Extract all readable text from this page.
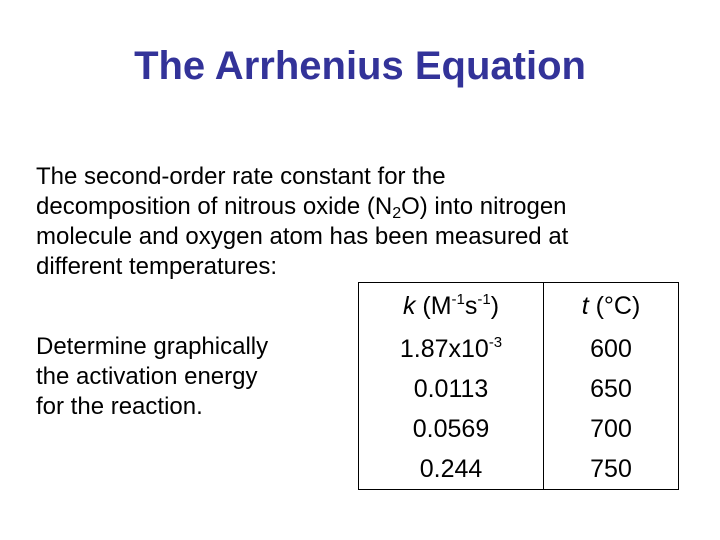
The Arrhenius Equation
The second-order rate constant for the
decomposition of nitrous oxide $(N_2O)$ into nitrogen
molecule and oxygen atom has been measured at
different temperatures:
Determine graphically
the activation energy
for the reaction.
k $(M^{-1}s^{-1})$	t (°C)
$1.87x10^{-3}$	600
0.0113	650
0.0569	700
0.244	750
